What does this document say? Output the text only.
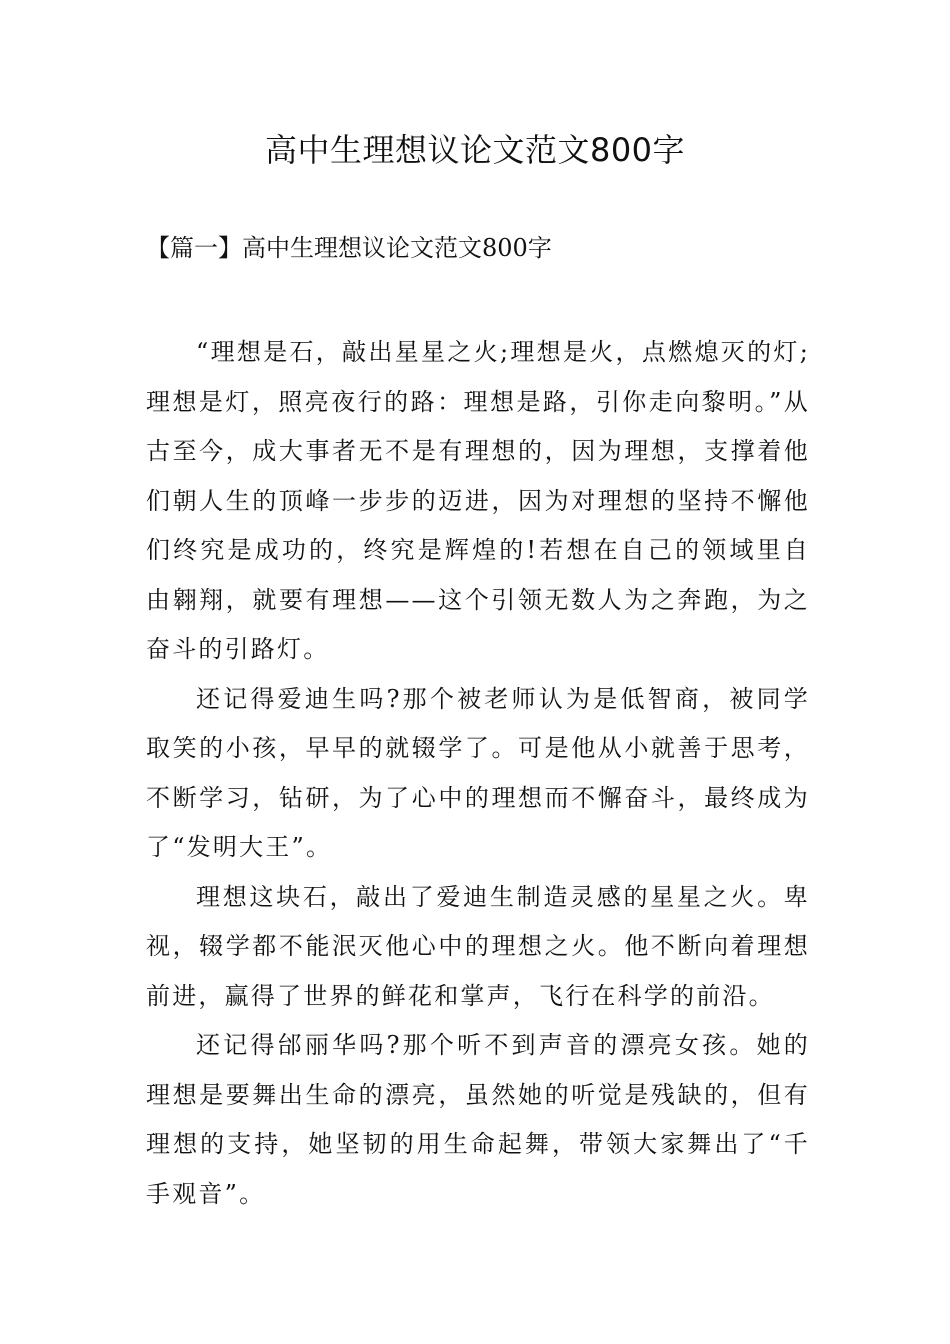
高中生理想议论文范文800字
【篇一】高中生理想议论文范文800字

“理想是石，敲出星星之火;理想是火，点燃熄灭的灯;理想是灯，照亮夜行的路：理想是路，引你走向黎明。”从古至今，成大事者无不是有理想的，因为理想，支撑着他们朝人生的顶峰一步步的迈进，因为对理想的坚持不懈他们终究是成功的，终究是辉煌的!若想在自己的领域里自由翱翔，就要有理想——这个引领无数人为之奔跑，为之奋斗的引路灯。

还记得爱迪生吗?那个被老师认为是低智商，被同学取笑的小孩，早早的就辍学了。可是他从小就善于思考，不断学习，钻研，为了心中的理想而不懈奋斗，最终成为了“发明大王”。

理想这块石，敲出了爱迪生制造灵感的星星之火。卑视，辍学都不能泯灭他心中的理想之火。他不断向着理想前进，赢得了世界的鲜花和掌声，飞行在科学的前沿。

还记得邰丽华吗?那个听不到声音的漂亮女孩。她的理想是要舞出生命的漂亮，虽然她的听觉是残缺的，但有理想的支持，她坚韧的用生命起舞，带领大家舞出了“千手观音”。
